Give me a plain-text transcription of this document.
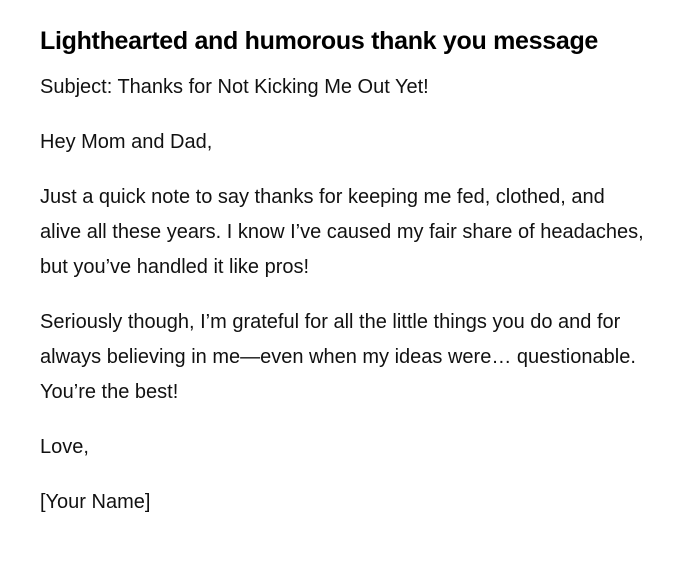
Lighthearted and humorous thank you message

Subject: Thanks for Not Kicking Me Out Yet!

Hey Mom and Dad,

Just a quick note to say thanks for keeping me fed, clothed, and alive all these years. I know I’ve caused my fair share of headaches, but you’ve handled it like pros!

Seriously though, I’m grateful for all the little things you do and for always believing in me—even when my ideas were… questionable. You’re the best!

Love,

[Your Name]
